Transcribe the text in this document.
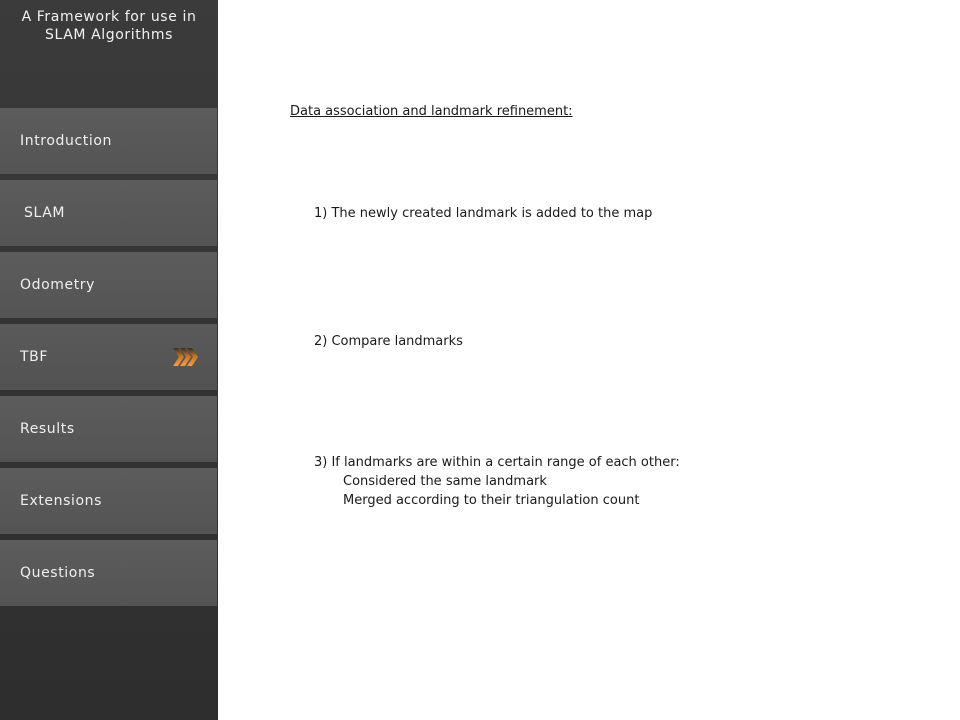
A Framework for use in
SLAM Algorithms
Introduction
SLAM
Odometry
TBF
Results
Extensions
Questions
Data association and landmark refinement:
1) The newly created landmark is added to the map
2) Compare landmarks
3) If landmarks are within a certain range of each other:
Considered the same landmark
Merged according to their triangulation count
